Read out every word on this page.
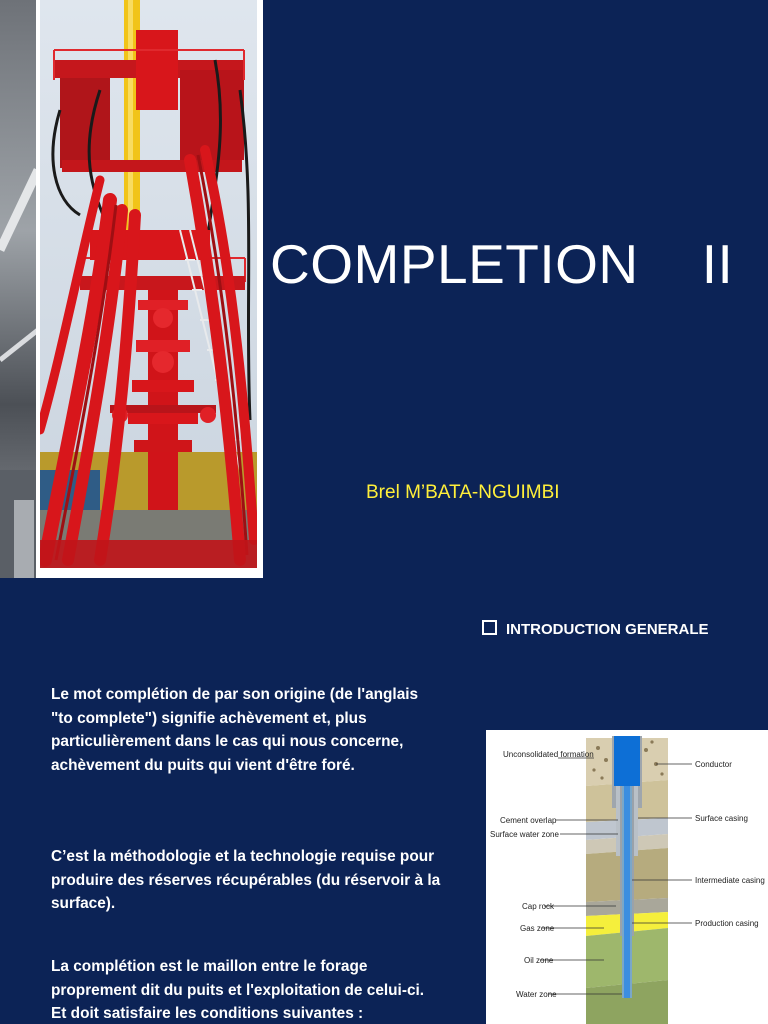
COMPLETION    II

Brel M’BATA-NGUIMBI

INTRODUCTION GENERALE

Le mot complétion de par son origine (de l'anglais "to complete") signifie achèvement et, plus particulièrement dans le cas qui nous concerne, achèvement du puits qui vient d'être foré.

C’est la méthodologie et la technologie requise pour produire des réserves récupérables (du réservoir à la surface).

La complétion est le maillon entre le forage proprement dit du puits et l'exploitation de celui-ci. Et doit satisfaire les conditions suivantes :

Unconsolidated formation
Cement overlap
Surface water zone
Cap rock
Gas zone
Oil zone
Water zone
Conductor
Surface casing
Intermediate casing
Production casing
